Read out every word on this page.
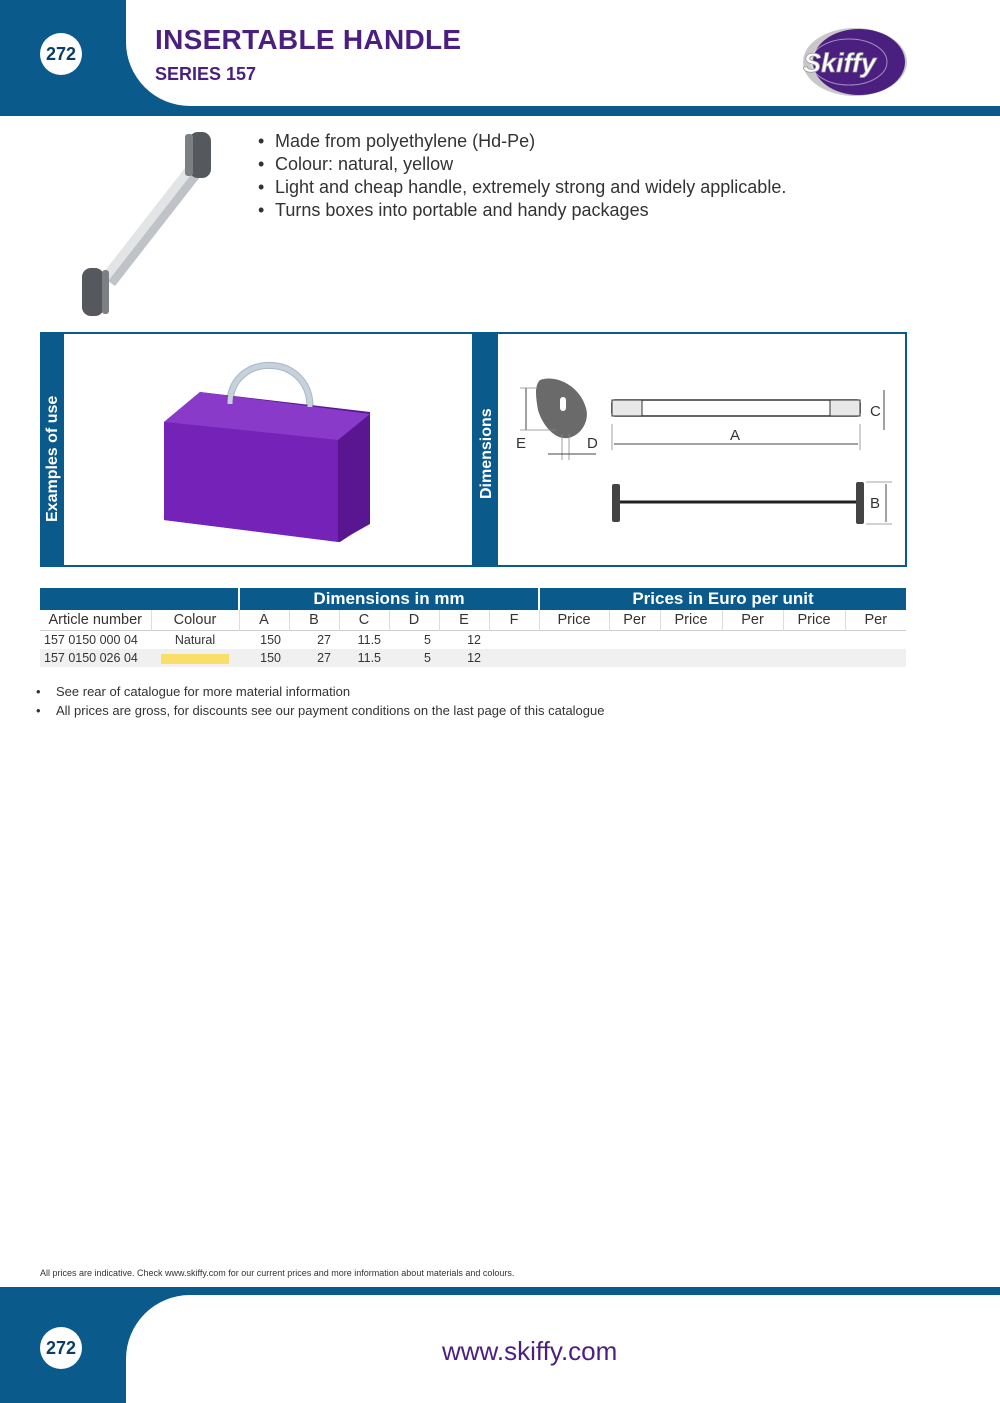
272	INSERTABLE HANDLE
SERIES 157	Skiffy
• Made from polyethylene (Hd-Pe)
• Colour: natural, yellow
• Light and cheap handle, extremely strong and widely applicable.
• Turns boxes into portable and handy packages
Examples of use	Dimensions E	D	A
C
B
		Dimensions in mm						Prices in Euro per unit					
Article number	Colour	A	B	C	D	E	F	Price	Per	Price	Per	Price	Per
157 0150 000 04	Natural	150	27	11.5	5	12							
157 0150 026 04		150	27	11.5	5	12							
• See rear of catalogue for more material information
• All prices are gross, for discounts see our payment conditions on the last page of this catalogue
All prices are indicative. Check www.skiffy.com for our current prices and more information about materials and colours.
272	www.skiffy.com
